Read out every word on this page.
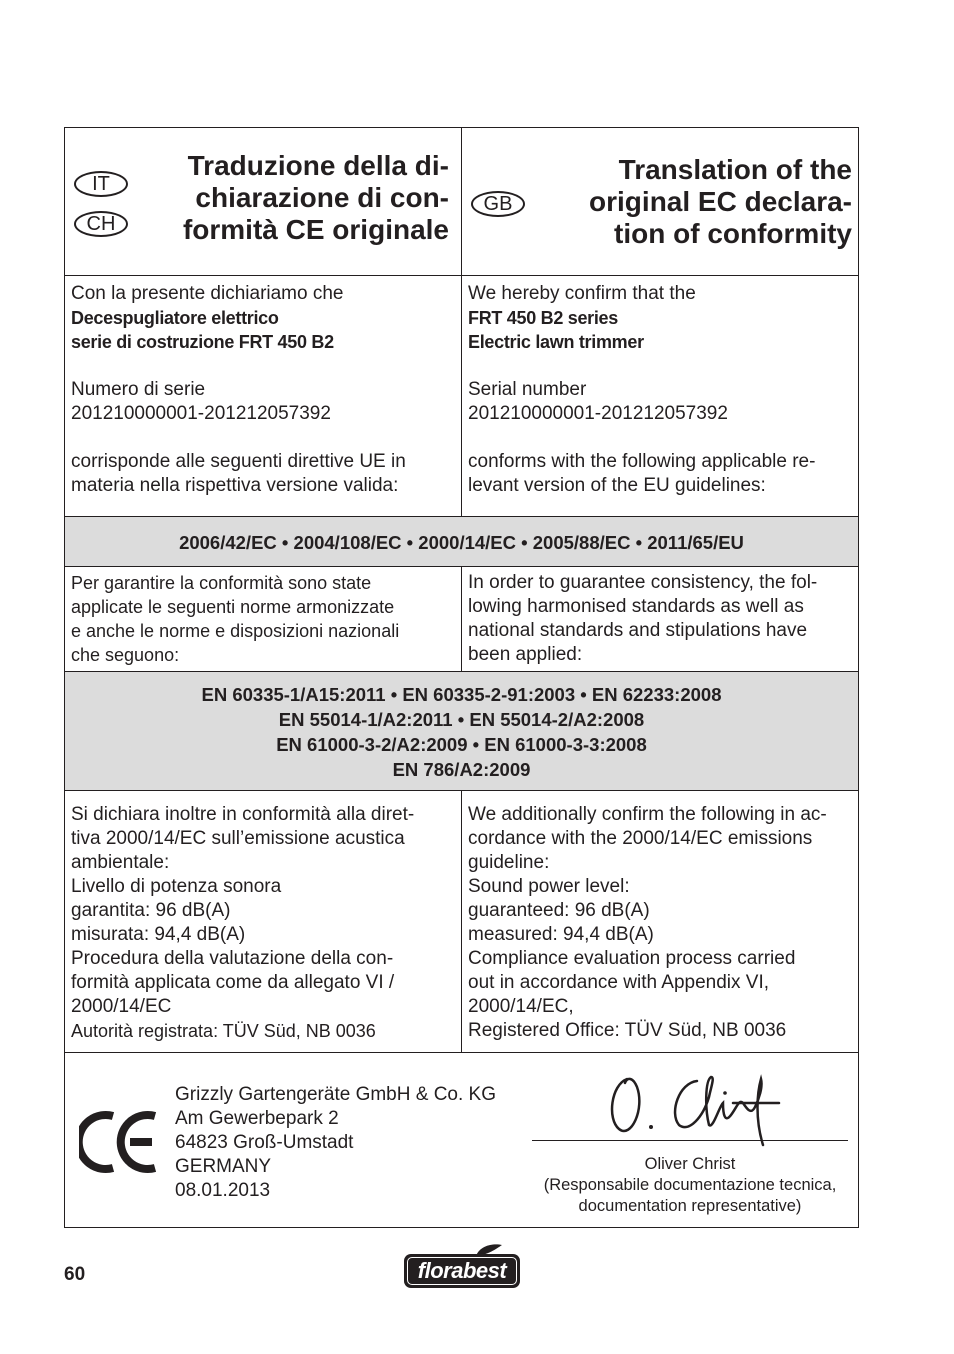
IT
CH
Traduzione della di-
chiarazione di con-
formità CE originale
GB
Translation of the
original EC declara-
tion of conformity
Con la presente dichiariamo che
Decespugliatore elettrico
serie di costruzione FRT 450 B2
Numero di serie
201210000001-201212057392
corrisponde alle seguenti direttive UE in
materia nella rispettiva versione valida:
We hereby confirm that the
FRT 450 B2 series
Electric lawn trimmer
Serial number
201210000001-201212057392
conforms with the following applicable re-
levant version of the EU guidelines:
2006/42/EC • 2004/108/EC • 2000/14/EC • 2005/88/EC • 2011/65/EU
Per garantire la conformità sono state
applicate le seguenti norme armonizzate
e anche le norme e disposizioni nazionali
che seguono:
In order to guarantee consistency, the fol-
lowing harmonised standards as well as
national standards and stipulations have
been applied:
EN 60335-1/A15:2011 • EN 60335-2-91:2003 • EN 62233:2008
EN 55014-1/A2:2011 • EN 55014-2/A2:2008
EN 61000-3-2/A2:2009 • EN 61000-3-3:2008
EN 786/A2:2009
Si dichiara inoltre in conformità alla diret-
tiva 2000/14/EC sull’emissione acustica
ambientale:
Livello di potenza sonora
garantita: 96 dB(A)
misurata: 94,4 dB(A)
Procedura della valutazione della con-
formità applicata come da allegato VI /
2000/14/EC
Autorità registrata: TÜV Süd, NB 0036
We additionally confirm the following in ac-
cordance with the 2000/14/EC emissions
guideline:
Sound power level:
guaranteed: 96 dB(A)
measured: 94,4 dB(A)
Compliance evaluation process carried
out in accordance with Appendix VI,
2000/14/EC,
Registered Office: TÜV Süd, NB 0036
Grizzly Gartengeräte GmbH & Co. KG
Am Gewerbepark 2
64823 Groß-Umstadt
GERMANY
08.01.2013
Oliver Christ
(Responsabile documentazione tecnica,
documentation representative)
60	florabest
